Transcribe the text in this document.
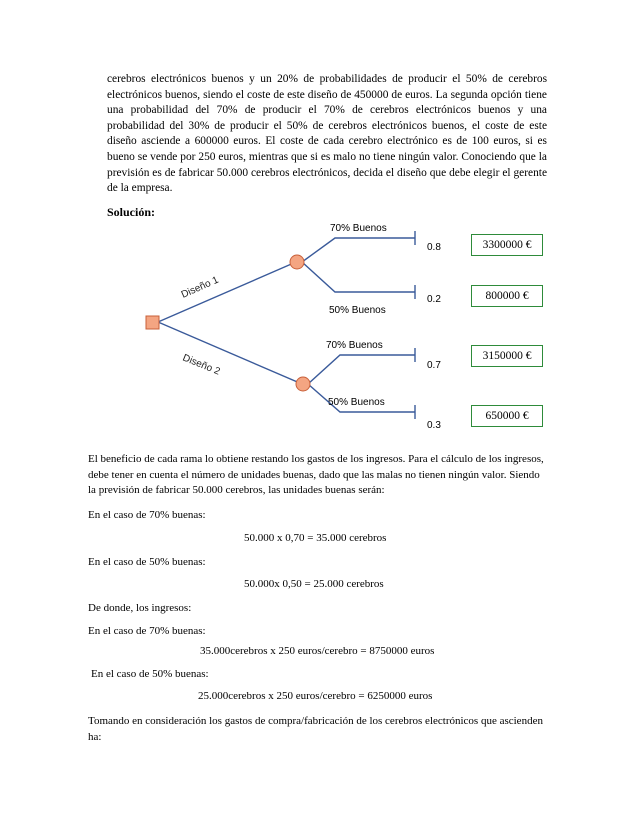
cerebros electrónicos buenos y un 20% de probabilidades de producir el 50% de cerebros electrónicos buenos, siendo el coste de este diseño de 450000 de euros. La segunda opción tiene una probabilidad del 70% de producir el 70% de cerebros electrónicos buenos y una probabilidad del 30% de producir el 50% de cerebros electrónicos buenos, el coste de este diseño asciende a 600000 euros. El coste de cada cerebro electrónico es de 100 euros, si es bueno se vende por 250 euros, mientras que si es malo no tiene ningún valor. Conociendo que la previsión es de fabricar 50.000 cerebros electrónicos, decida el diseño que debe elegir el gerente de la empresa.

Solución:

Diseño 1
Diseño 2
70% Buenos
50% Buenos
70% Buenos
50% Buenos
0.8
0.2
0.7
0.3
3300000 €
800000 €
3150000 €
650000 €

El beneficio de cada rama lo obtiene restando los gastos de los ingresos. Para el cálculo de los ingresos, debe tener en cuenta el número de unidades buenas, dado que las malas no tienen ningún valor. Siendo la previsión de fabricar 50.000 cerebros, las unidades buenas serán:

En el caso de 70% buenas:

50.000 x 0,70 = 35.000 cerebros

En el caso de 50% buenas:

50.000x 0,50 = 25.000 cerebros

De donde, los ingresos:

En el caso de 70% buenas:

35.000cerebros x 250 euros/cerebro = 8750000 euros

En el caso de 50% buenas:

25.000cerebros x 250 euros/cerebro = 6250000 euros

Tomando en consideración los gastos de compra/fabricación de los cerebros electrónicos que ascienden ha:
